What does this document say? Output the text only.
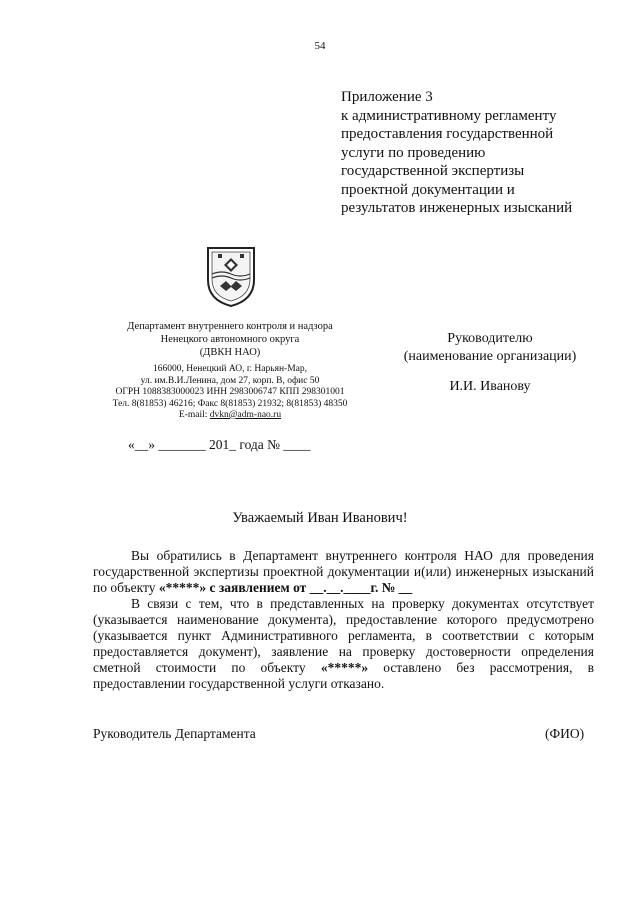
54
Приложение 3
к административному регламенту
предоставления государственной
услуги по проведению
государственной экспертизы
проектной документации и
результатов инженерных изысканий
Департамент внутреннего контроля и надзора
Ненецкого автономного округа
(ДВКН НАО)
166000, Ненецкий АО, г. Нарьян-Мар,
ул. им.В.И.Ленина, дом 27, корп. В, офис 50
ОГРН 1088383000023 ИНН 2983006747 КПП 298301001
Тел. 8(81853) 46216; Факс 8(81853) 21932; 8(81853) 48350
E-mail: dvkn@adm-nao.ru
Руководителю
(наименование организации)
И.И. Иванову
«__» _______ 201_ года № ____
Уважаемый Иван Иванович!

Вы обратились в Департамент внутреннего контроля НАО для проведения государственной экспертизы проектной документации и(или) инженерных изысканий по объекту «*****» с заявлением от __.__.____г. № __

В связи с тем, что в представленных на проверку документах отсутствует (указывается наименование документа), предоставление которого предусмотрено (указывается пункт Административного регламента, в соответствии с которым предоставляется документ), заявление на проверку достоверности определения сметной стоимости по объекту «*****» оставлено без рассмотрения, в предоставлении государственной услуги отказано.

Руководитель Департамента	(ФИО)
